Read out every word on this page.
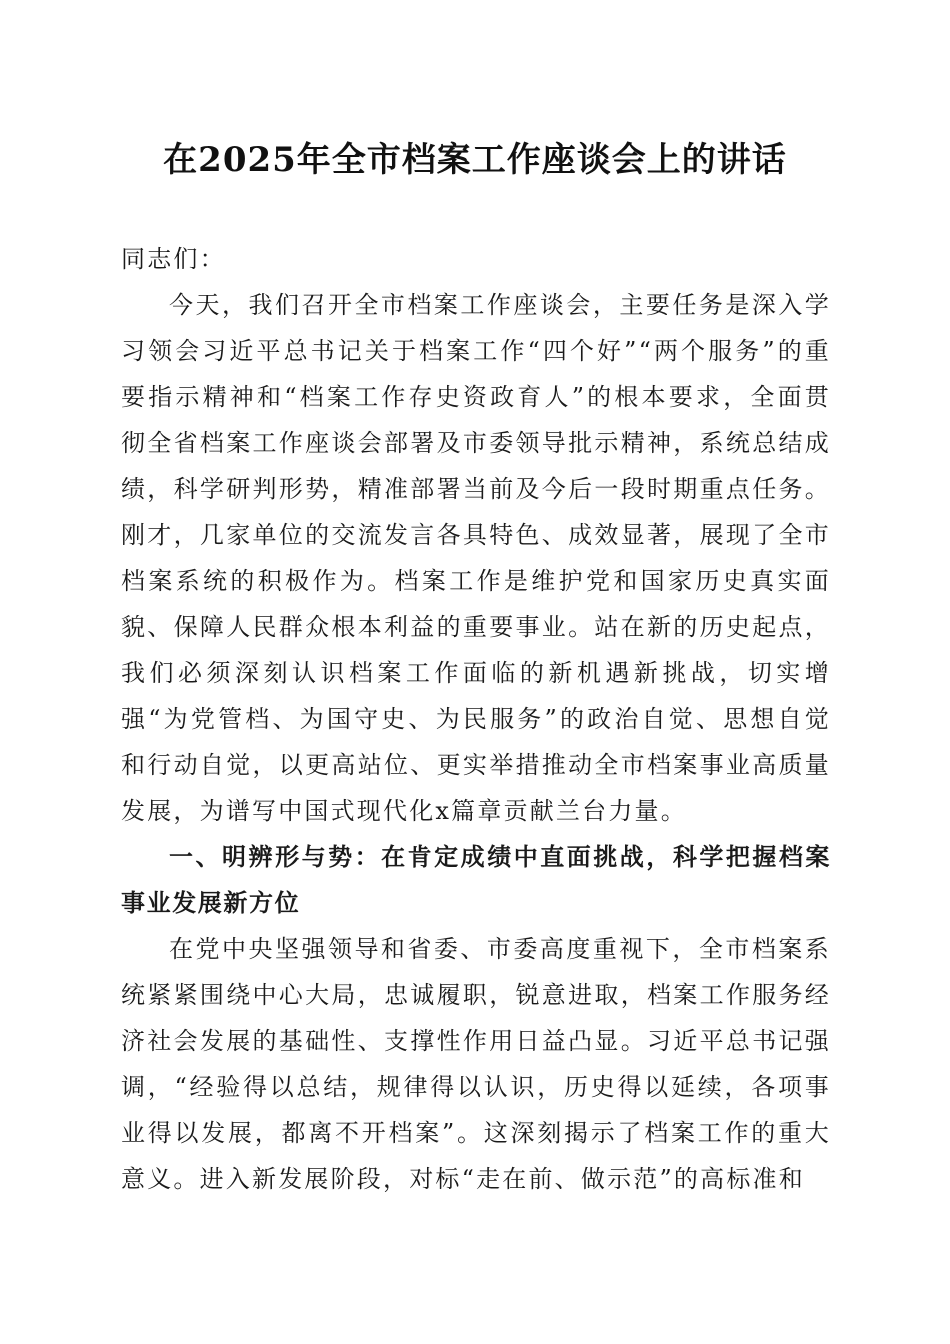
在2025年全市档案工作座谈会上的讲话

同志们：

今天，我们召开全市档案工作座谈会，主要任务是深入学习领会习近平总书记关于档案工作“四个好”“两个服务”的重要指示精神和“档案工作存史资政育人”的根本要求，全面贯彻全省档案工作座谈会部署及市委领导批示精神，系统总结成绩，科学研判形势，精准部署当前及今后一段时期重点任务。刚才，几家单位的交流发言各具特色、成效显著，展现了全市档案系统的积极作为。档案工作是维护党和国家历史真实面貌、保障人民群众根本利益的重要事业。站在新的历史起点，我们必须深刻认识档案工作面临的新机遇新挑战，切实增强“为党管档、为国守史、为民服务”的政治自觉、思想自觉和行动自觉，以更高站位、更实举措推动全市档案事业高质量发展，为谱写中国式现代化x篇章贡献兰台力量。

一、明辨形与势：在肯定成绩中直面挑战，科学把握档案事业发展新方位

在党中央坚强领导和省委、市委高度重视下，全市档案系统紧紧围绕中心大局，忠诚履职，锐意进取，档案工作服务经济社会发展的基础性、支撑性作用日益凸显。习近平总书记强调，“经验得以总结，规律得以认识，历史得以延续，各项事业得以发展，都离不开档案”。这深刻揭示了档案工作的重大意义。进入新发展阶段，对标“走在前、做示范”的高标准和
